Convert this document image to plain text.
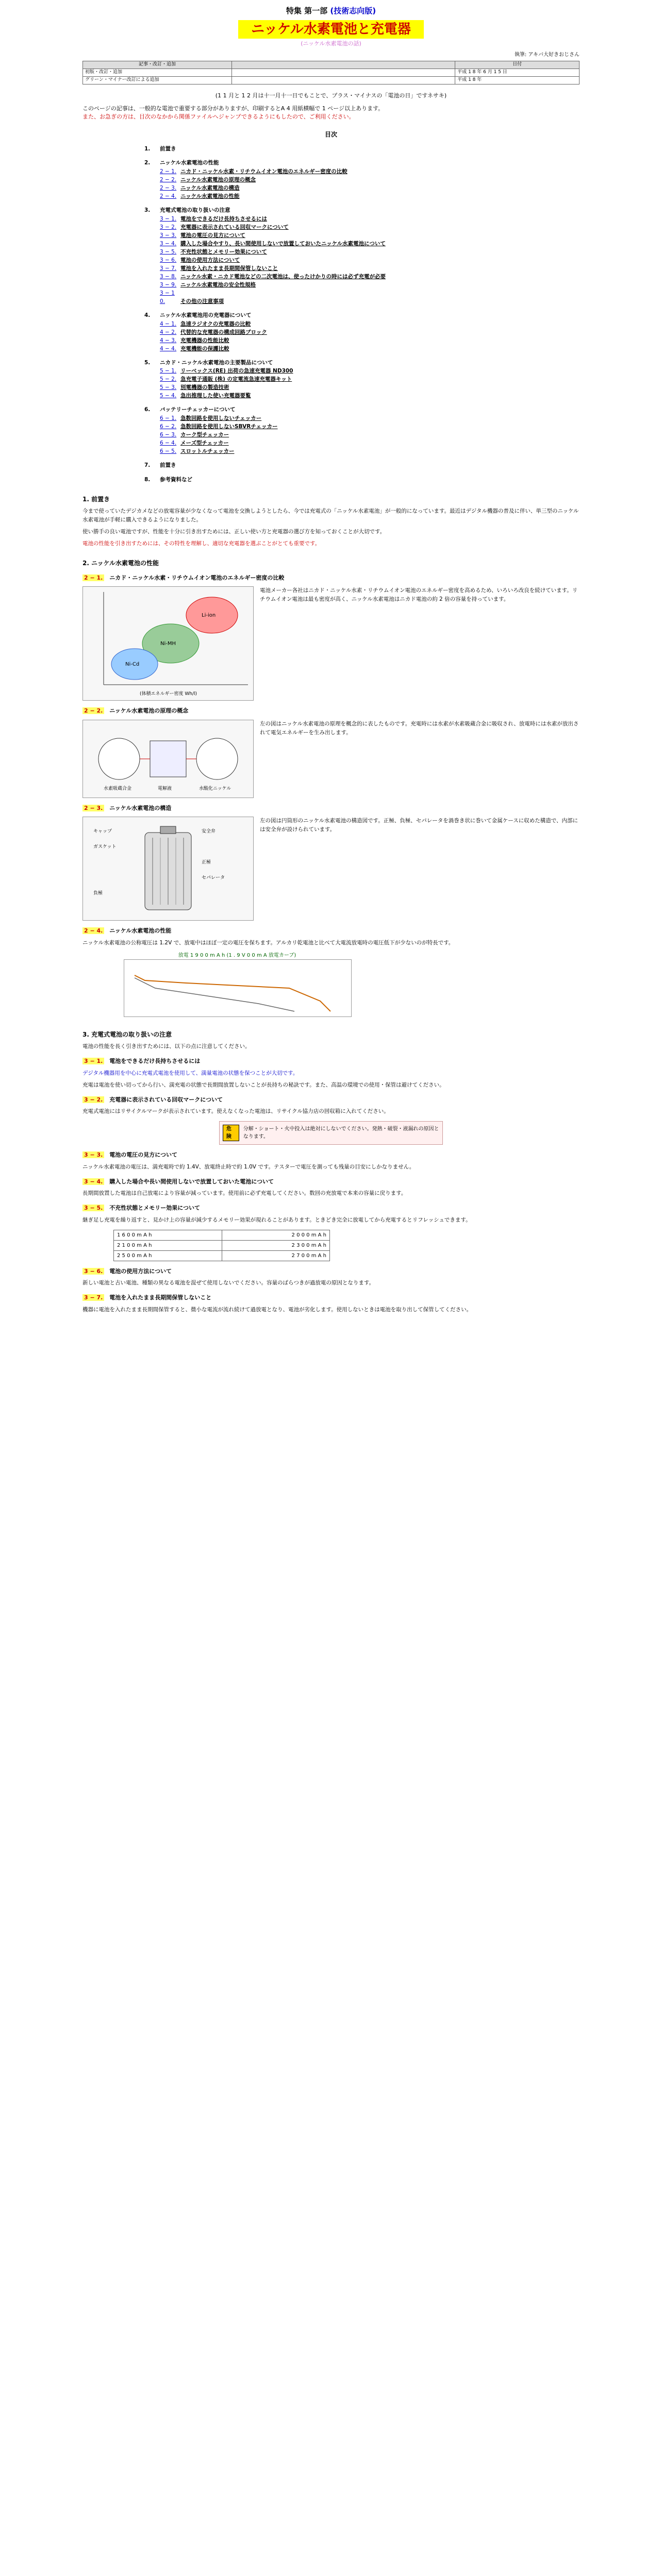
特集 第一部 (技術志向版)
ニッケル水素電池と充電器
(ニッケル水素電池の話)
執筆: アキバ大好きおじさん
記事・改訂・追加		日付
初版・改訂・追加		平成 1 8 年 6 月 1 5 日
グリーン・マイナー改訂による追加		平成 1 8 年
(1 1 月と 1 2 月は十一月十一日でもことで、プラス・マイナスの「電池の日」ですネサキ)
このページの記事は、一般的な電池で重要する部分がありますが、印刷するとA 4 用紙横幅で 1 ページ以上あります。
また、お急ぎの方は、目次のなかから関係ファイルへジャンプできるようにもしたので、ご利用ください。
目次
1. 前置き
2. ニッケル水素電池の性能
2 − 1. ニカド・ニッケル水素・リチウムイオン電池のエネルギー密度の比較
2 − 2. ニッケル水素電池の原理の概念
2 − 3. ニッケル水素電池の構造
2 − 4. ニッケル水素電池の性能
3. 充電式電池の取り扱いの注意
3 − 1. 電池をできるだけ長持ちさせるには
3 − 2. 充電器に表示されている回収マークについて
3 − 3. 電池の電圧の見方について
3 − 4. 購入した場合やすり、長い間使用しないで放置しておいたニッケル水素電池について
3 − 5. 不充性状態とメモリー効果について
3 − 6. 電池の使用方法について
3 − 7. 電池を入れたまま長期間保管しないこと
3 − 8. ニッケル水素・ニカド電池などの二次電池は、使ったけかりの時には必ず充電が必要
3 − 9. ニッケル水素電池の安全性規格
3 − 1 0.	その他の注意事項
4. ニッケル水素電池用の充電器について
4 − 1. 急速ラジオクの充電器の比較
4 − 2. 代替的な充電器の構成回路ブロック
4 − 3. 充電機器の性能比較
4 − 4. 充電機能の保護比較
5. ニカド・ニッケル水素電池の主要製品について
5 − 1. リーベックス(RE) 出荷の急速充電器 ND300
5 − 2. 急充電子通販 (株) の定電流急速充電器キット
5 − 3. 別電機器の製造技術
5 − 4. 急出推理した使い充電器要覧
6. バッテリーチェッカーについて
6 − 1. 急数回路を使用しないチェッカー
6 − 2. 急数回路を使用しないSBVRチェッカー
6 − 3. カーク型チェッカー
6 − 4. メーズ型チェッカー
6 − 5. スロットルチェッカー
7. 前置き
8. 参考資料など
1. 前置き
今まで使っていたデジカメなどの放電容量が少なくなって電池を交換しようとしたら、今では充電式の「ニッケル水素電池」が一般的になっています。最近はデジタル機器の普及に伴い、単三型のニッケル水素電池が手軽に購入できるようになりました。
使い勝手の良い電池ですが、性能を十分に引き出すためには、正しい使い方と充電器の選び方を知っておくことが大切です。
電池の性能を引き出すためには、その特性を理解し、適切な充電器を選ぶことがとても重要です。
2. ニッケル水素電池の性能
2 − 1. ニカド・ニッケル水素・リチウムイオン電池のエネルギー密度の比較
Li-ion
Ni-MH
Ni-Cd
(体積エネルギー密度 Wh/l)
電池メーカー各社はニカド・ニッケル水素・リチウムイオン電池のエネルギー密度を高めるため、いろいろ改良を続けています。リチウムイオン電池は最も密度が高く、ニッケル水素電池はニカド電池の約 2 倍の容量を持っています。
2 − 2. ニッケル水素電池の原理の概念
水素吸蔵合金	電解液	水酸化ニッケル
左の図はニッケル水素電池の原理を概念的に表したものです。充電時には水素が水素吸蔵合金に吸収され、放電時には水素が放出されて電気エネルギーを生み出します。
2 − 3. ニッケル水素電池の構造
キャップ
ガスケット
安全弁
正極
セパレータ
負極
左の図は円筒形のニッケル水素電池の構造図です。正極、負極、セパレータを渦巻き状に巻いて金属ケースに収めた構造で、内部には安全弁が設けられています。
2 − 4. ニッケル水素電池の性能
ニッケル水素電池の公称電圧は 1.2V で、放電中はほぼ一定の電圧を保ちます。アルカリ乾電池と比べて大電流放電時の電圧低下が少ないのが特長です。
放電 1 9 0 0 m A h (1 . 9 V 0 0 m A 放電カーブ)
3. 充電式電池の取り扱いの注意
電池の性能を長く引き出すためには、以下の点に注意してください。
3 − 1. 電池をできるだけ長持ちさせるには
デジタル機器用を中心に充電式電池を使用して、満量電池の状態を保つことが大切です。
充電は電池を使い切ってから行い、満充電の状態で長期間放置しないことが長持ちの秘訣です。また、高温の環境での使用・保管は避けてください。
3 − 2. 充電器に表示されている回収マークについて
充電式電池にはリサイクルマークが表示されています。使えなくなった電池は、リサイクル協力店の回収箱に入れてください。
危険
分解・ショート・火中投入は絶対にしないでください。発熱・破裂・液漏れの原因となります。
3 − 3. 電池の電圧の見方について
ニッケル水素電池の電圧は、満充電時で約 1.4V、放電終止時で約 1.0V です。テスターで電圧を測っても残量の目安にしかなりません。
3 − 4. 購入した場合や長い間使用しないで放置しておいた電池について
長期間放置した電池は自己放電により容量が減っています。使用前に必ず充電してください。数回の充放電で本来の容量に戻ります。
3 − 5. 不充性状態とメモリー効果について
継ぎ足し充電を繰り返すと、見かけ上の容量が減少するメモリー効果が現れることがあります。ときどき完全に放電してから充電するとリフレッシュできます。
1 6 0 0 m A h	2 0 0 0 m A h
2 1 0 0 m A h	2 3 0 0 m A h
2 5 0 0 m A h	2 7 0 0 m A h
3 − 6. 電池の使用方法について
新しい電池と古い電池、種類の異なる電池を混ぜて使用しないでください。容量のばらつきが過放電の原因となります。
3 − 7. 電池を入れたまま長期間保管しないこと
機器に電池を入れたまま長期間保管すると、微小な電流が流れ続けて過放電となり、電池が劣化します。使用しないときは電池を取り出して保管してください。
